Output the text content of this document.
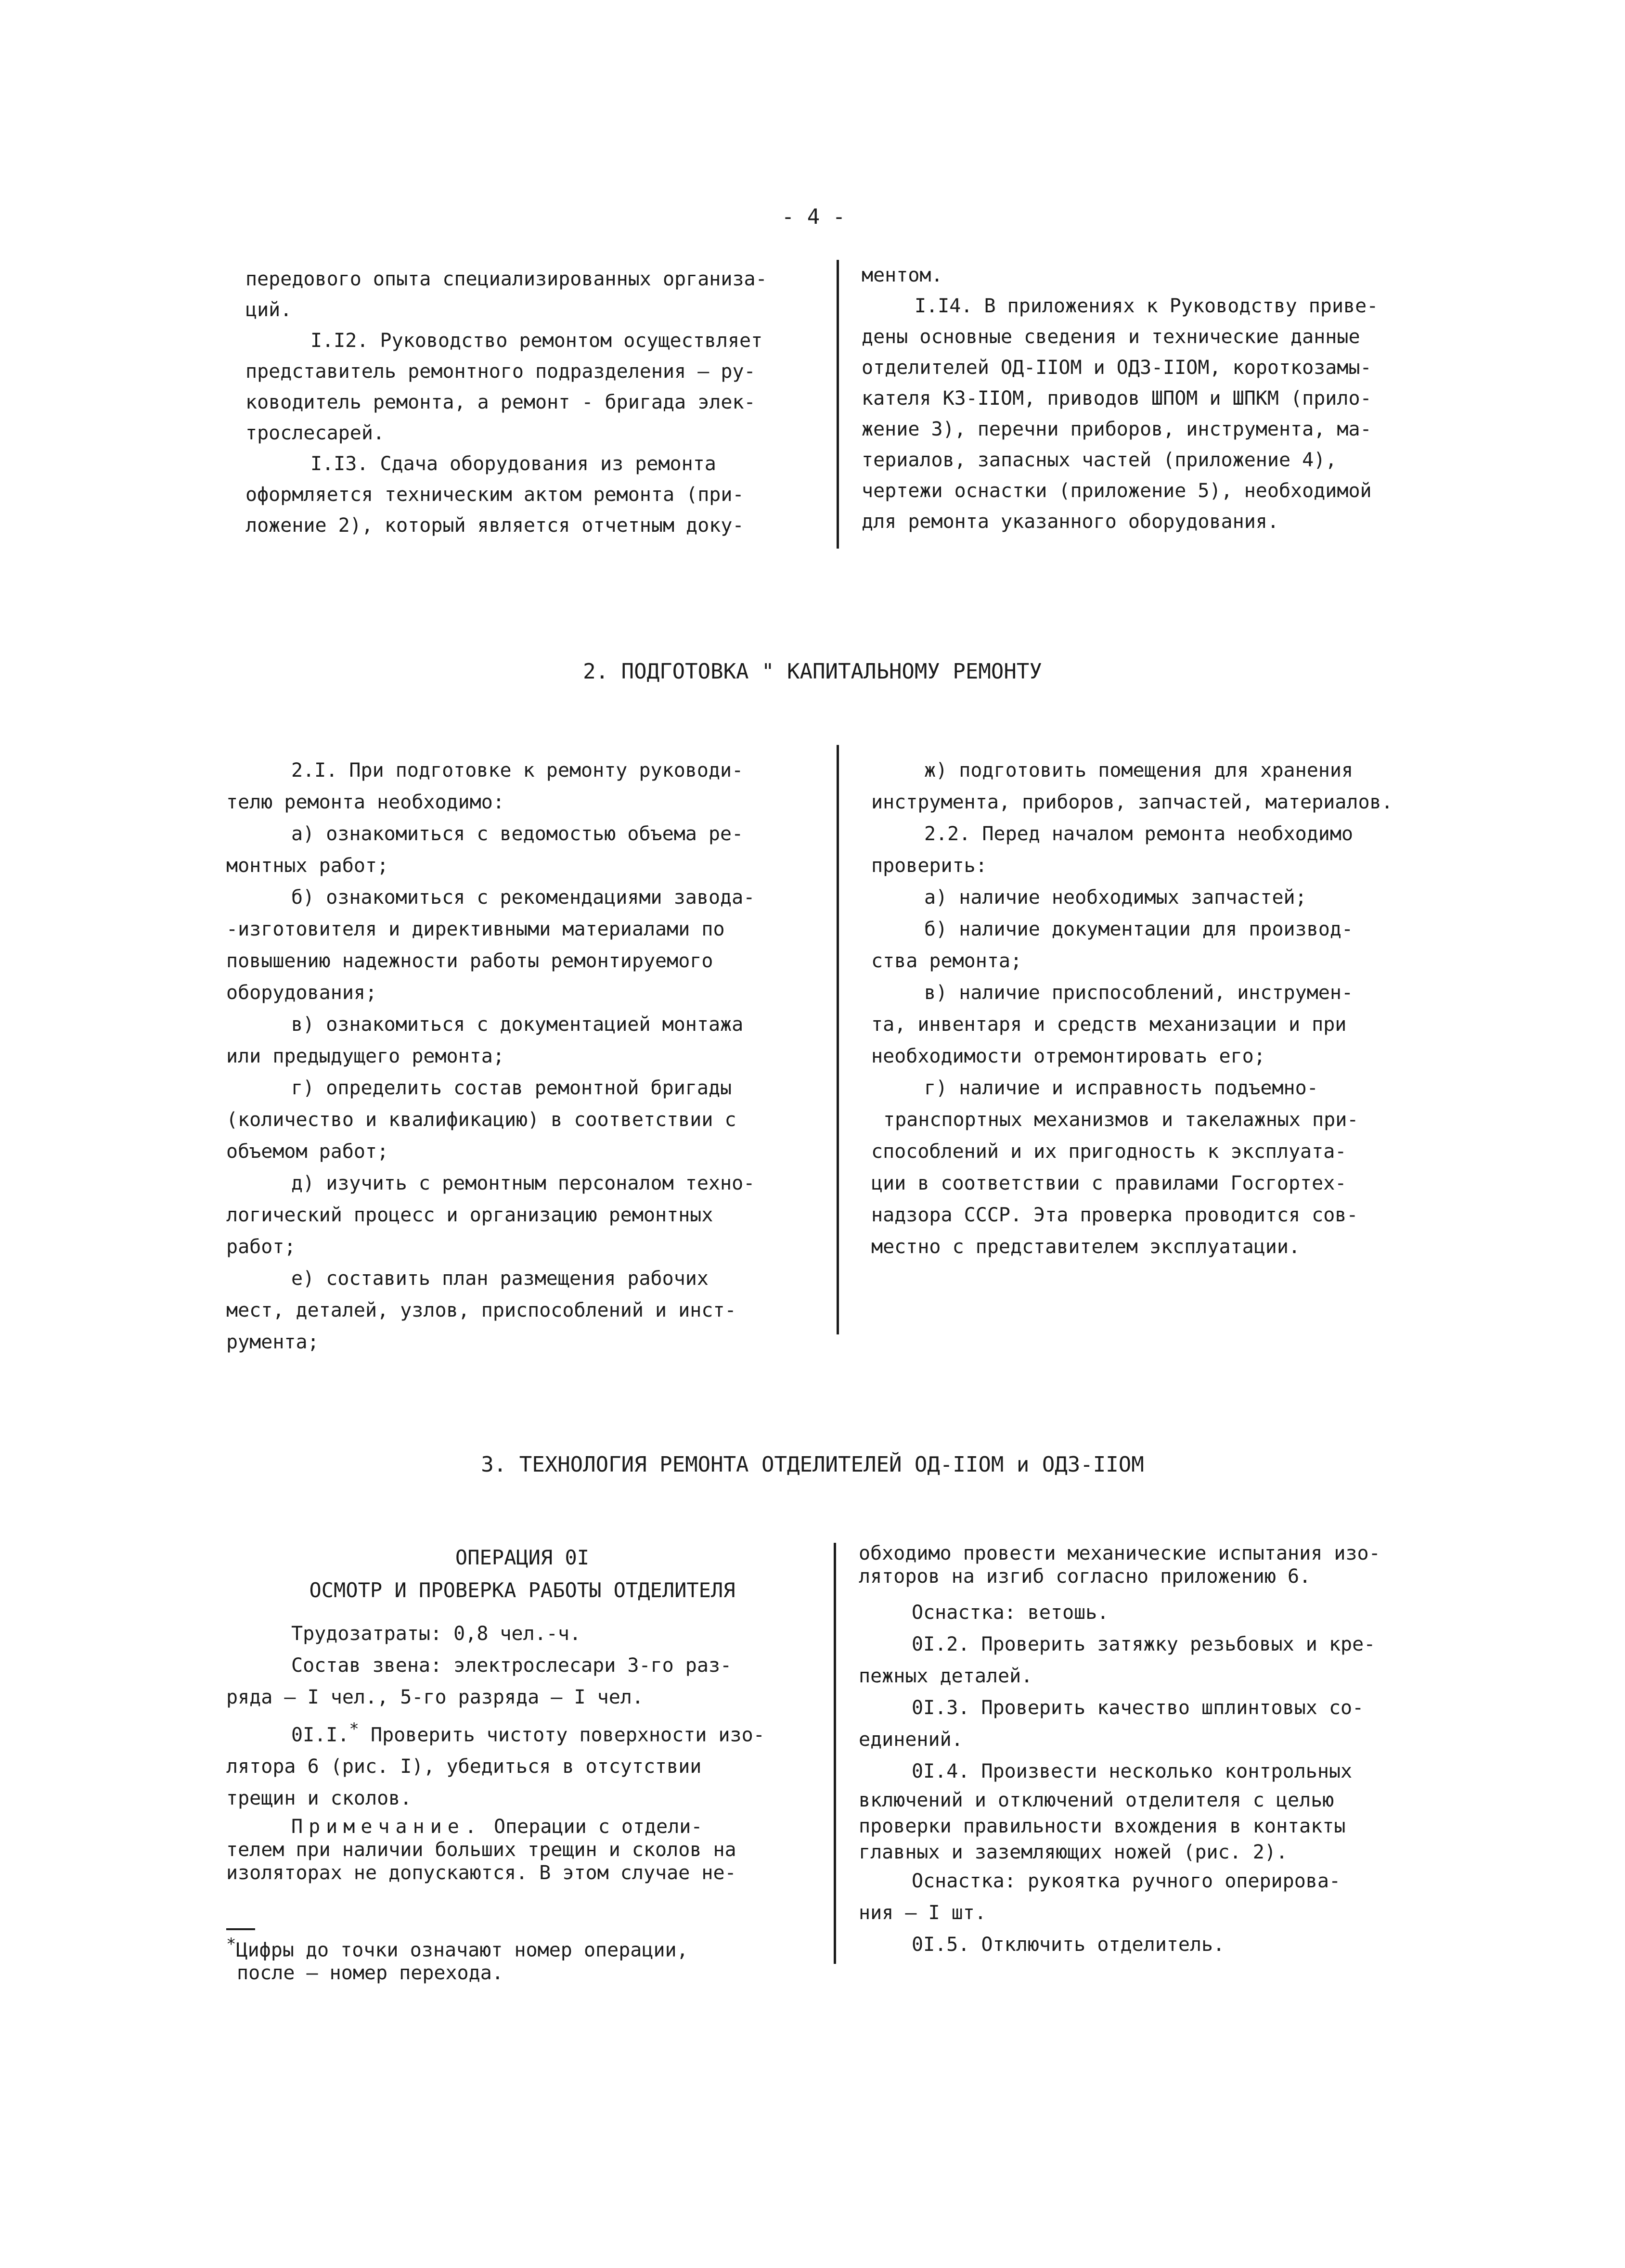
- 4 -

передового опыта специализированных организа-

ций.

I.I2. Руководство ремонтом осуществляет

представитель ремонтного подразделения – ру-

ководитель ремонта, а ремонт - бригада элек-

трослесарей.

I.I3. Сдача оборудования из ремонта

оформляется техническим актом ремонта (при-

ложение 2), который является отчетным доку-

ментом.

I.I4. В приложениях к Руководству приве-

дены основные сведения и технические данные

отделителей ОД-IIОМ и ОДЗ-IIОМ, короткозамы-

кателя КЗ-IIОМ, приводов ШПОМ и ШПКМ (прило-

жение 3), перечни приборов, инструмента, ма-

териалов, запасных частей (приложение 4),

чертежи оснастки (приложение 5), необходимой

для ремонта указанного оборудования.

2. ПОДГОТОВКА " КАПИТАЛЬНОМУ РЕМОНТУ

2.I. При подготовке к ремонту руководи-

телю ремонта необходимо:

а) ознакомиться с ведомостью объема ре-

монтных работ;

б) ознакомиться с рекомендациями завода-

-изготовителя и директивными материалами по

повышению надежности работы ремонтируемого

оборудования;

в) ознакомиться с документацией монтажа

или предыдущего ремонта;

г) определить состав ремонтной бригады

(количество и квалификацию) в соответствии с

объемом работ;

д) изучить с ремонтным персоналом техно-

логический процесс и организацию ремонтных

работ;

е) составить план размещения рабочих

мест, деталей, узлов, приспособлений и инст-

румента;

ж) подготовить помещения для хранения

инструмента, приборов, запчастей, материалов.

2.2. Перед началом ремонта необходимо

проверить:

а) наличие необходимых запчастей;

б) наличие документации для производ-

ства ремонта;

в) наличие приспособлений, инструмен-

та, инвентаря и средств механизации и при

необходимости отремонтировать его;

г) наличие и исправность подъемно-

транспортных механизмов и такелажных при-

способлений и их пригодность к эксплуата-

ции в соответствии с правилами Госгортех-

надзора СССР. Эта проверка проводится сов-

местно с представителем эксплуатации.

3. ТЕХНОЛОГИЯ РЕМОНТА ОТДЕЛИТЕЛЕЙ ОД-IIОМ и ОДЗ-IIОМ
ОПЕРАЦИЯ 0I
ОСМОТР И ПРОВЕРКА РАБОТЫ ОТДЕЛИТЕЛЯ

Трудозатраты: 0,8 чел.-ч.

Состав звена: электрослесари 3-го раз-

ряда – I чел., 5-го разряда – I чел.

0I.I.* Проверить чистоту поверхности изо-

лятора 6 (рис. I), убедиться в отсутствии

трещин и сколов.

Примечание. Операции с отдели-

телем при наличии больших трещин и сколов на

изоляторах не допускаются. В этом случае не-

*Цифры до точки означают номер операции,

после – номер перехода.

обходимо провести механические испытания изо-

ляторов на изгиб согласно приложению 6.

Оснастка: ветошь.

0I.2. Проверить затяжку резьбовых и кре-

пежных деталей.

0I.3. Проверить качество шплинтовых со-

единений.

0I.4. Произвести несколько контрольных

включений и отключений отделителя с целью

проверки правильности вхождения в контакты

главных и заземляющих ножей (рис. 2).

Оснастка: рукоятка ручного оперирова-

ния – I шт.

0I.5. Отключить отделитель.
